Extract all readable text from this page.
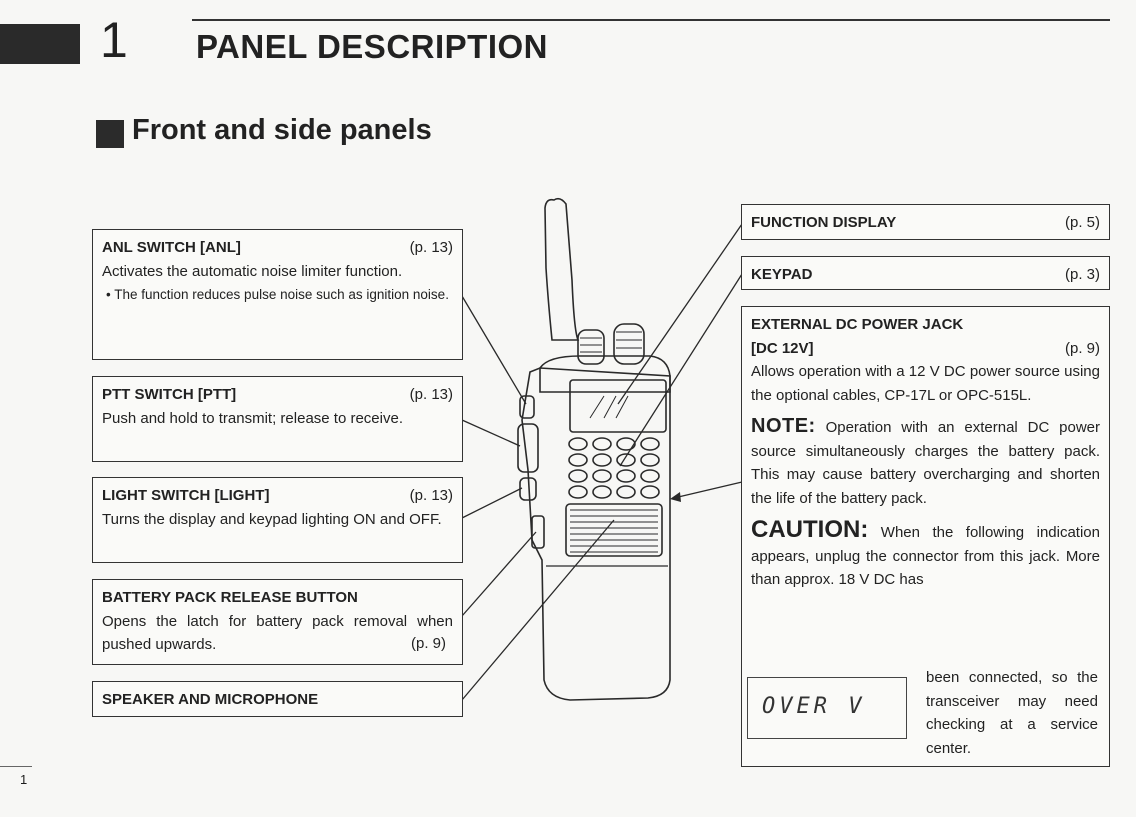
1 PANEL DESCRIPTION
Front and side panels
ANL SWITCH [ANL]	(p. 13)
Activates the automatic noise limiter function.
• The function reduces pulse noise such as ignition noise.
PTT SWITCH [PTT]	(p. 13)
Push and hold to transmit; release to receive.
LIGHT SWITCH [LIGHT]	(p. 13)
Turns the display and keypad lighting ON and OFF.
BATTERY PACK RELEASE BUTTON
Opens the latch for battery pack removal when pushed upwards.	(p. 9)
SPEAKER AND MICROPHONE
FUNCTION DISPLAY	(p. 5)
KEYPAD	(p. 3)
EXTERNAL DC POWER JACK
[DC 12V]	(p. 9)
Allows operation with a 12 V DC power source using the optional cables, CP-17L or OPC-515L.
NOTE: Operation with an external DC power source simultaneously charges the battery pack. This may cause battery overcharging and shorten the life of the battery pack.
CAUTION: When the following indication appears, unplug the connector from this jack. More than approx. 18 V DC has
OVER V
been connected, so the transceiver may need checking at a service center.
1
